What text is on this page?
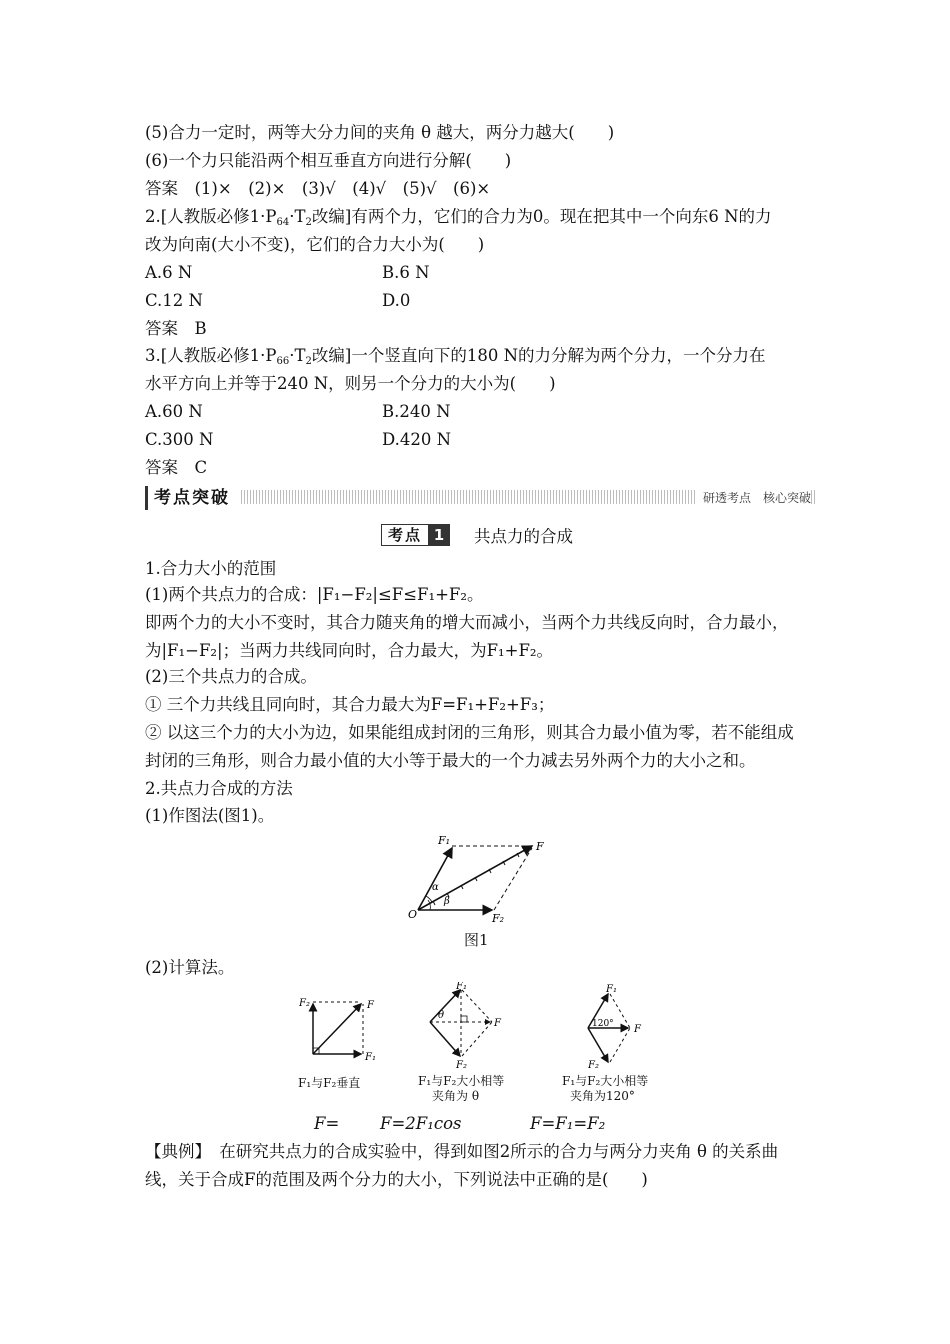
(5)合力一定时，两等大分力间的夹角 θ 越大，两分力越大(　　)
(6)一个力只能沿两个相互垂直方向进行分解(　　)
答案　(1)×　(2)×　(3)√　(4)√　(5)√　(6)×
2.[人教版必修$1\cdot P_{64}\cdot T_2$改编]有两个力，它们的合力为0。现在把其中一个向东6 N的力
改为向南(大小不变)，它们的合力大小为(　　)
A.6 N	B.6 N
C.12 N	D.0
答案　B
3.[人教版必修$1\cdot P_{66}\cdot T_2$改编]一个竖直向下的180 N的力分解为两个分力，一个分力在
水平方向上并等于240 N，则另一个分力的大小为(　　)
A.60 N	B.240 N
C.300 N	D.420 N
答案　C
考点突破	研透考点　核心突破
考点 1	共点力的合成
1.合力大小的范围
(1)两个共点力的合成：|F₁−F₂|≤F≤F₁+F₂。
即两个力的大小不变时，其合力随夹角的增大而减小，当两个力共线反向时，合力最小，
为|F₁−F₂|；当两力共线同向时，合力最大，为F₁+F₂。
(2)三个共点力的合成。
① 三个力共线且同向时，其合力最大为F=F₁+F₂+F₃；
② 以这三个力的大小为边，如果能组成封闭的三角形，则其合力最小值为零，若不能组成
封闭的三角形，则合力最小值的大小等于最大的一个力减去另外两个力的大小之和。
2.共点力合成的方法
(1)作图法(图1)。
F₁	F
F₂
O
α
β
图1
(2)计算法。
F₂	F
F₁
F₁
F
F₂
θ
F₁
F
F₂
120°
F₁与F₂垂直	F₁与F₂大小相等
夹角为 θ
F₁与F₂大小相等
夹角为120°
F= F=2F₁cos	F=F₁=F₂
【典例】　在研究共点力的合成实验中，得到如图2所示的合力与两分力夹角 θ 的关系曲
线，关于合成F的范围及两个分力的大小，下列说法中正确的是(　　)
